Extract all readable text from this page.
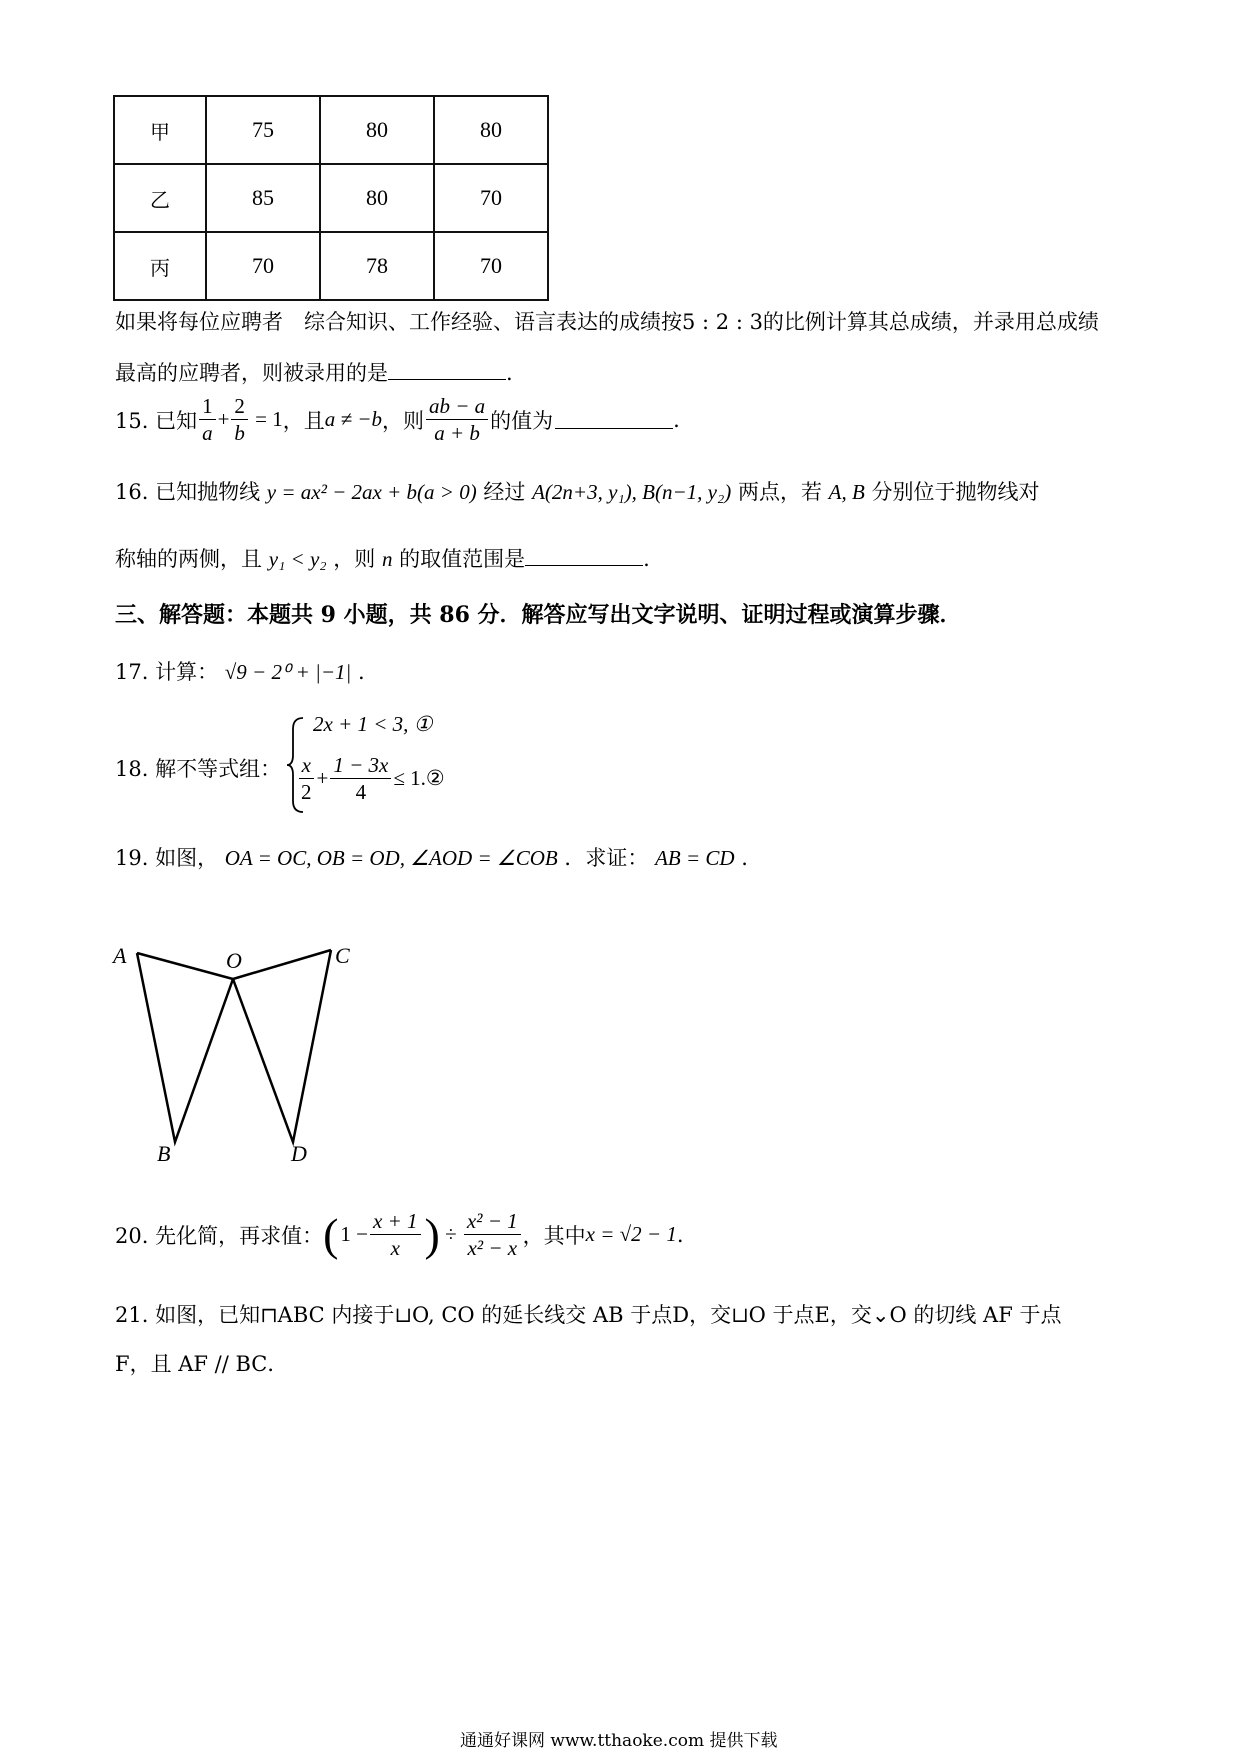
甲	75	80	80
乙	85	80	70
丙	70	78	70
如果将每位应聘者　综合知识、工作经验、语言表达的成绩按5 : 2 : 3的比例计算其总成绩，并录用总成绩
最高的应聘者，则被录用的是	.
15. 已知 $\frac{1}{a} + \frac{2}{b} = 1$ ，且 a ≠ −b ，则 $\frac{ab - a}{a + b}$ 的值为	.
16. 已知抛物线 y = ax² − 2ax + b(a > 0) 经过 A(2n+3, y₁), B(n−1, y₂) 两点，若 A, B 分别位于抛物线对
称轴的两侧，且 y₁ < y₂ ，则 n 的取值范围是	.
三、解答题：本题共 9 小题，共 86 分．解答应写出文字说明、证明过程或演算步骤．
17. 计算： √9 − 2⁰ + |−1| .
18. 解不等式组：
2x + 1 < 3, ①
$\frac{x}{2} + \frac{1 - 3x}{4}$ ≤ 1.②
19. 如图， OA = OC, OB = OD, ∠AOD = ∠COB ．求证： AB = CD .
A	O	C
B	D
20. 先化简，再求值： ( $1 - \frac{x + 1}{x}$ ) ÷ $\frac{\text{x² − 1}}{\text{x² − x}}$ ，其中 x = √2 − 1 .
21. 如图，已知⊓ABC 内接于⊔O, CO 的延长线交 AB 于点D，交⊔O 于点E，交⌄O 的切线 AF 于点
F，且 AF // BC．
通通好课网 www.tthaoke.com 提供下载
